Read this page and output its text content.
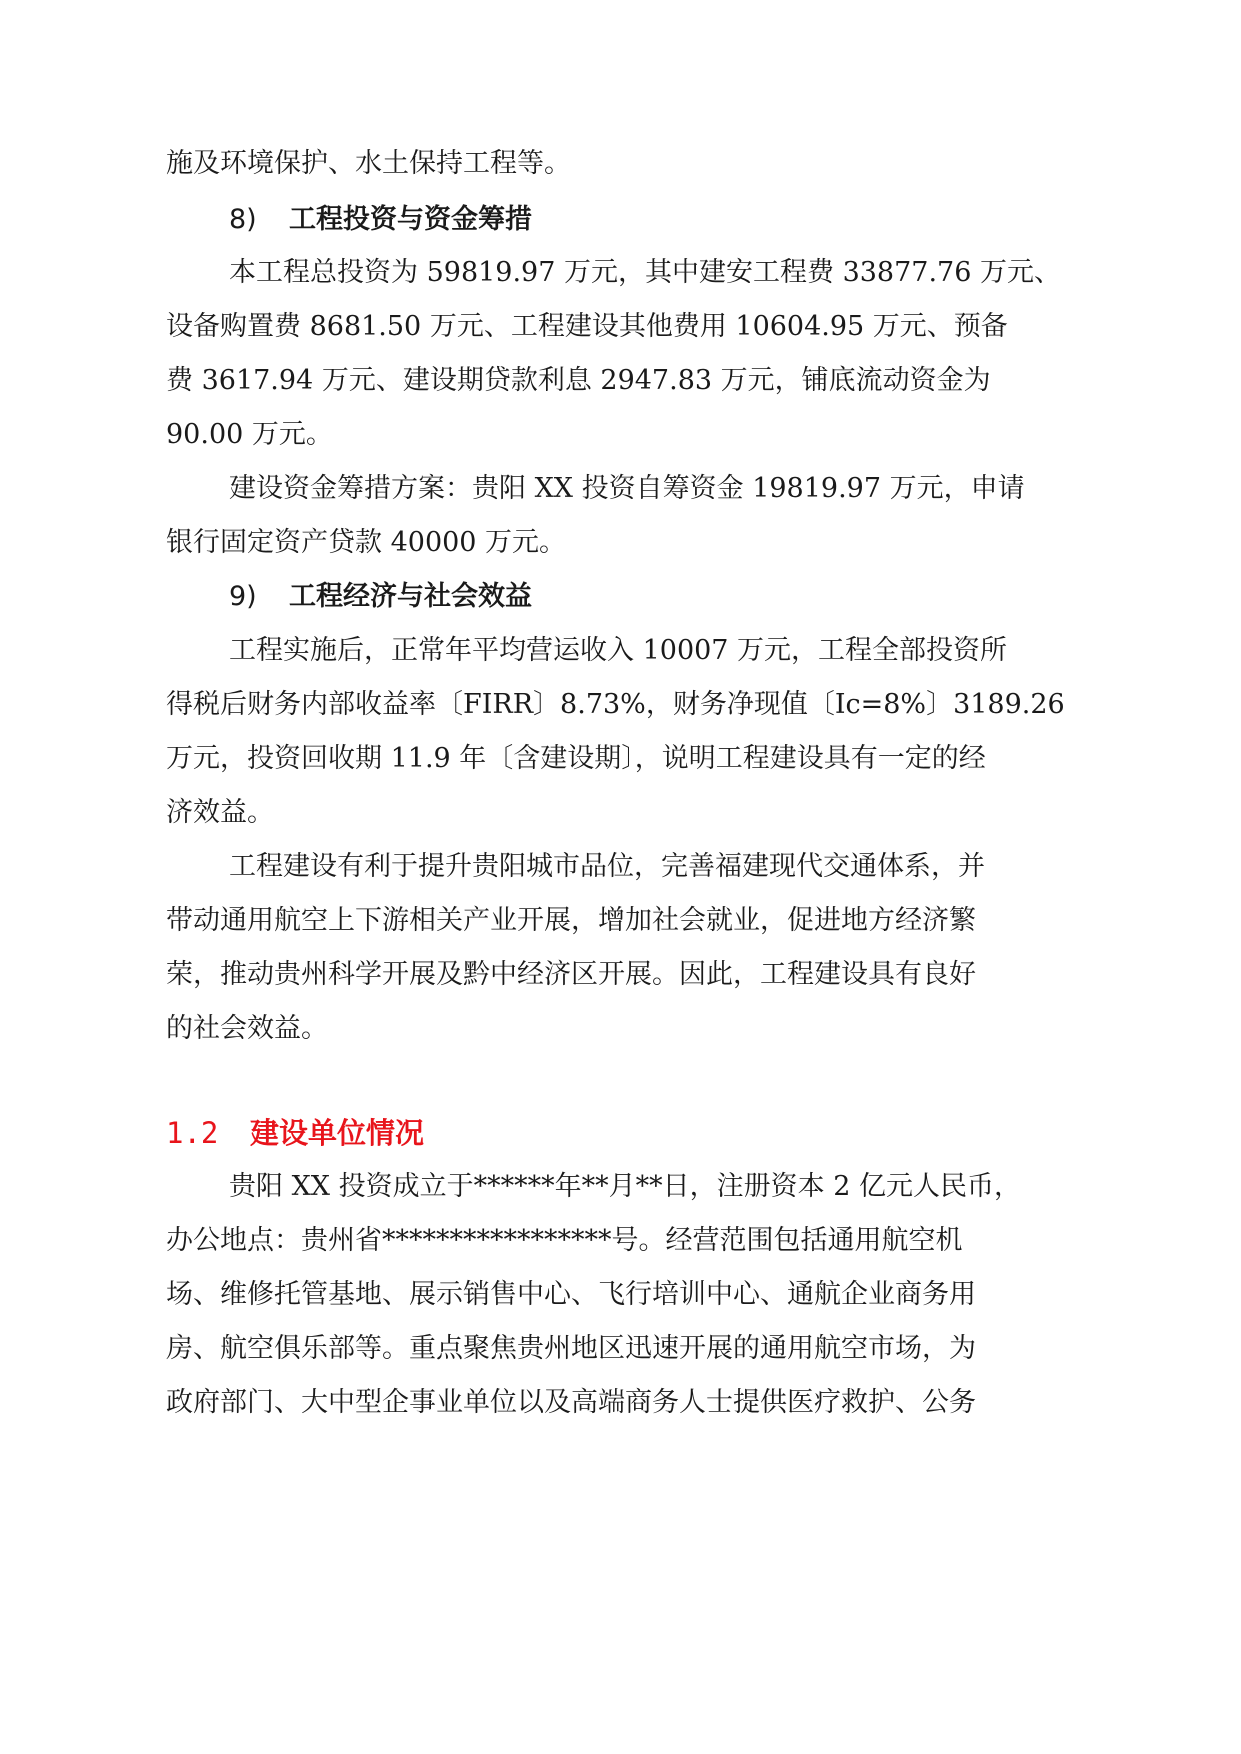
施及环境保护、水土保持工程等。
8) 工程投资与资金筹措
本工程总投资为 59819.97 万元，其中建安工程费 33877.76 万元、
设备购置费 8681.50 万元、工程建设其他费用 10604.95 万元、预备
费 3617.94 万元、建设期贷款利息 2947.83 万元，铺底流动资金为
90.00 万元。
建设资金筹措方案：贵阳 XX 投资自筹资金 19819.97 万元，申请
银行固定资产贷款 40000 万元。
9) 工程经济与社会效益
工程实施后，正常年平均营运收入 10007 万元，工程全部投资所
得税后财务内部收益率〔FIRR〕8.73%，财务净现值〔Ic=8%〕3189.26
万元，投资回收期 11.9 年〔含建设期〕，说明工程建设具有一定的经
济效益。
工程建设有利于提升贵阳城市品位，完善福建现代交通体系，并
带动通用航空上下游相关产业开展，增加社会就业，促进地方经济繁
荣，推动贵州科学开展及黔中经济区开展。因此，工程建设具有良好
的社会效益。
1.2 建设单位情况
贵阳 XX 投资成立于******年**月**日，注册资本 2 亿元人民币，
办公地点：贵州省*****************号。经营范围包括通用航空机
场、维修托管基地、展示销售中心、飞行培训中心、通航企业商务用
房、航空俱乐部等。重点聚焦贵州地区迅速开展的通用航空市场，为
政府部门、大中型企事业单位以及高端商务人士提供医疗救护、公务
